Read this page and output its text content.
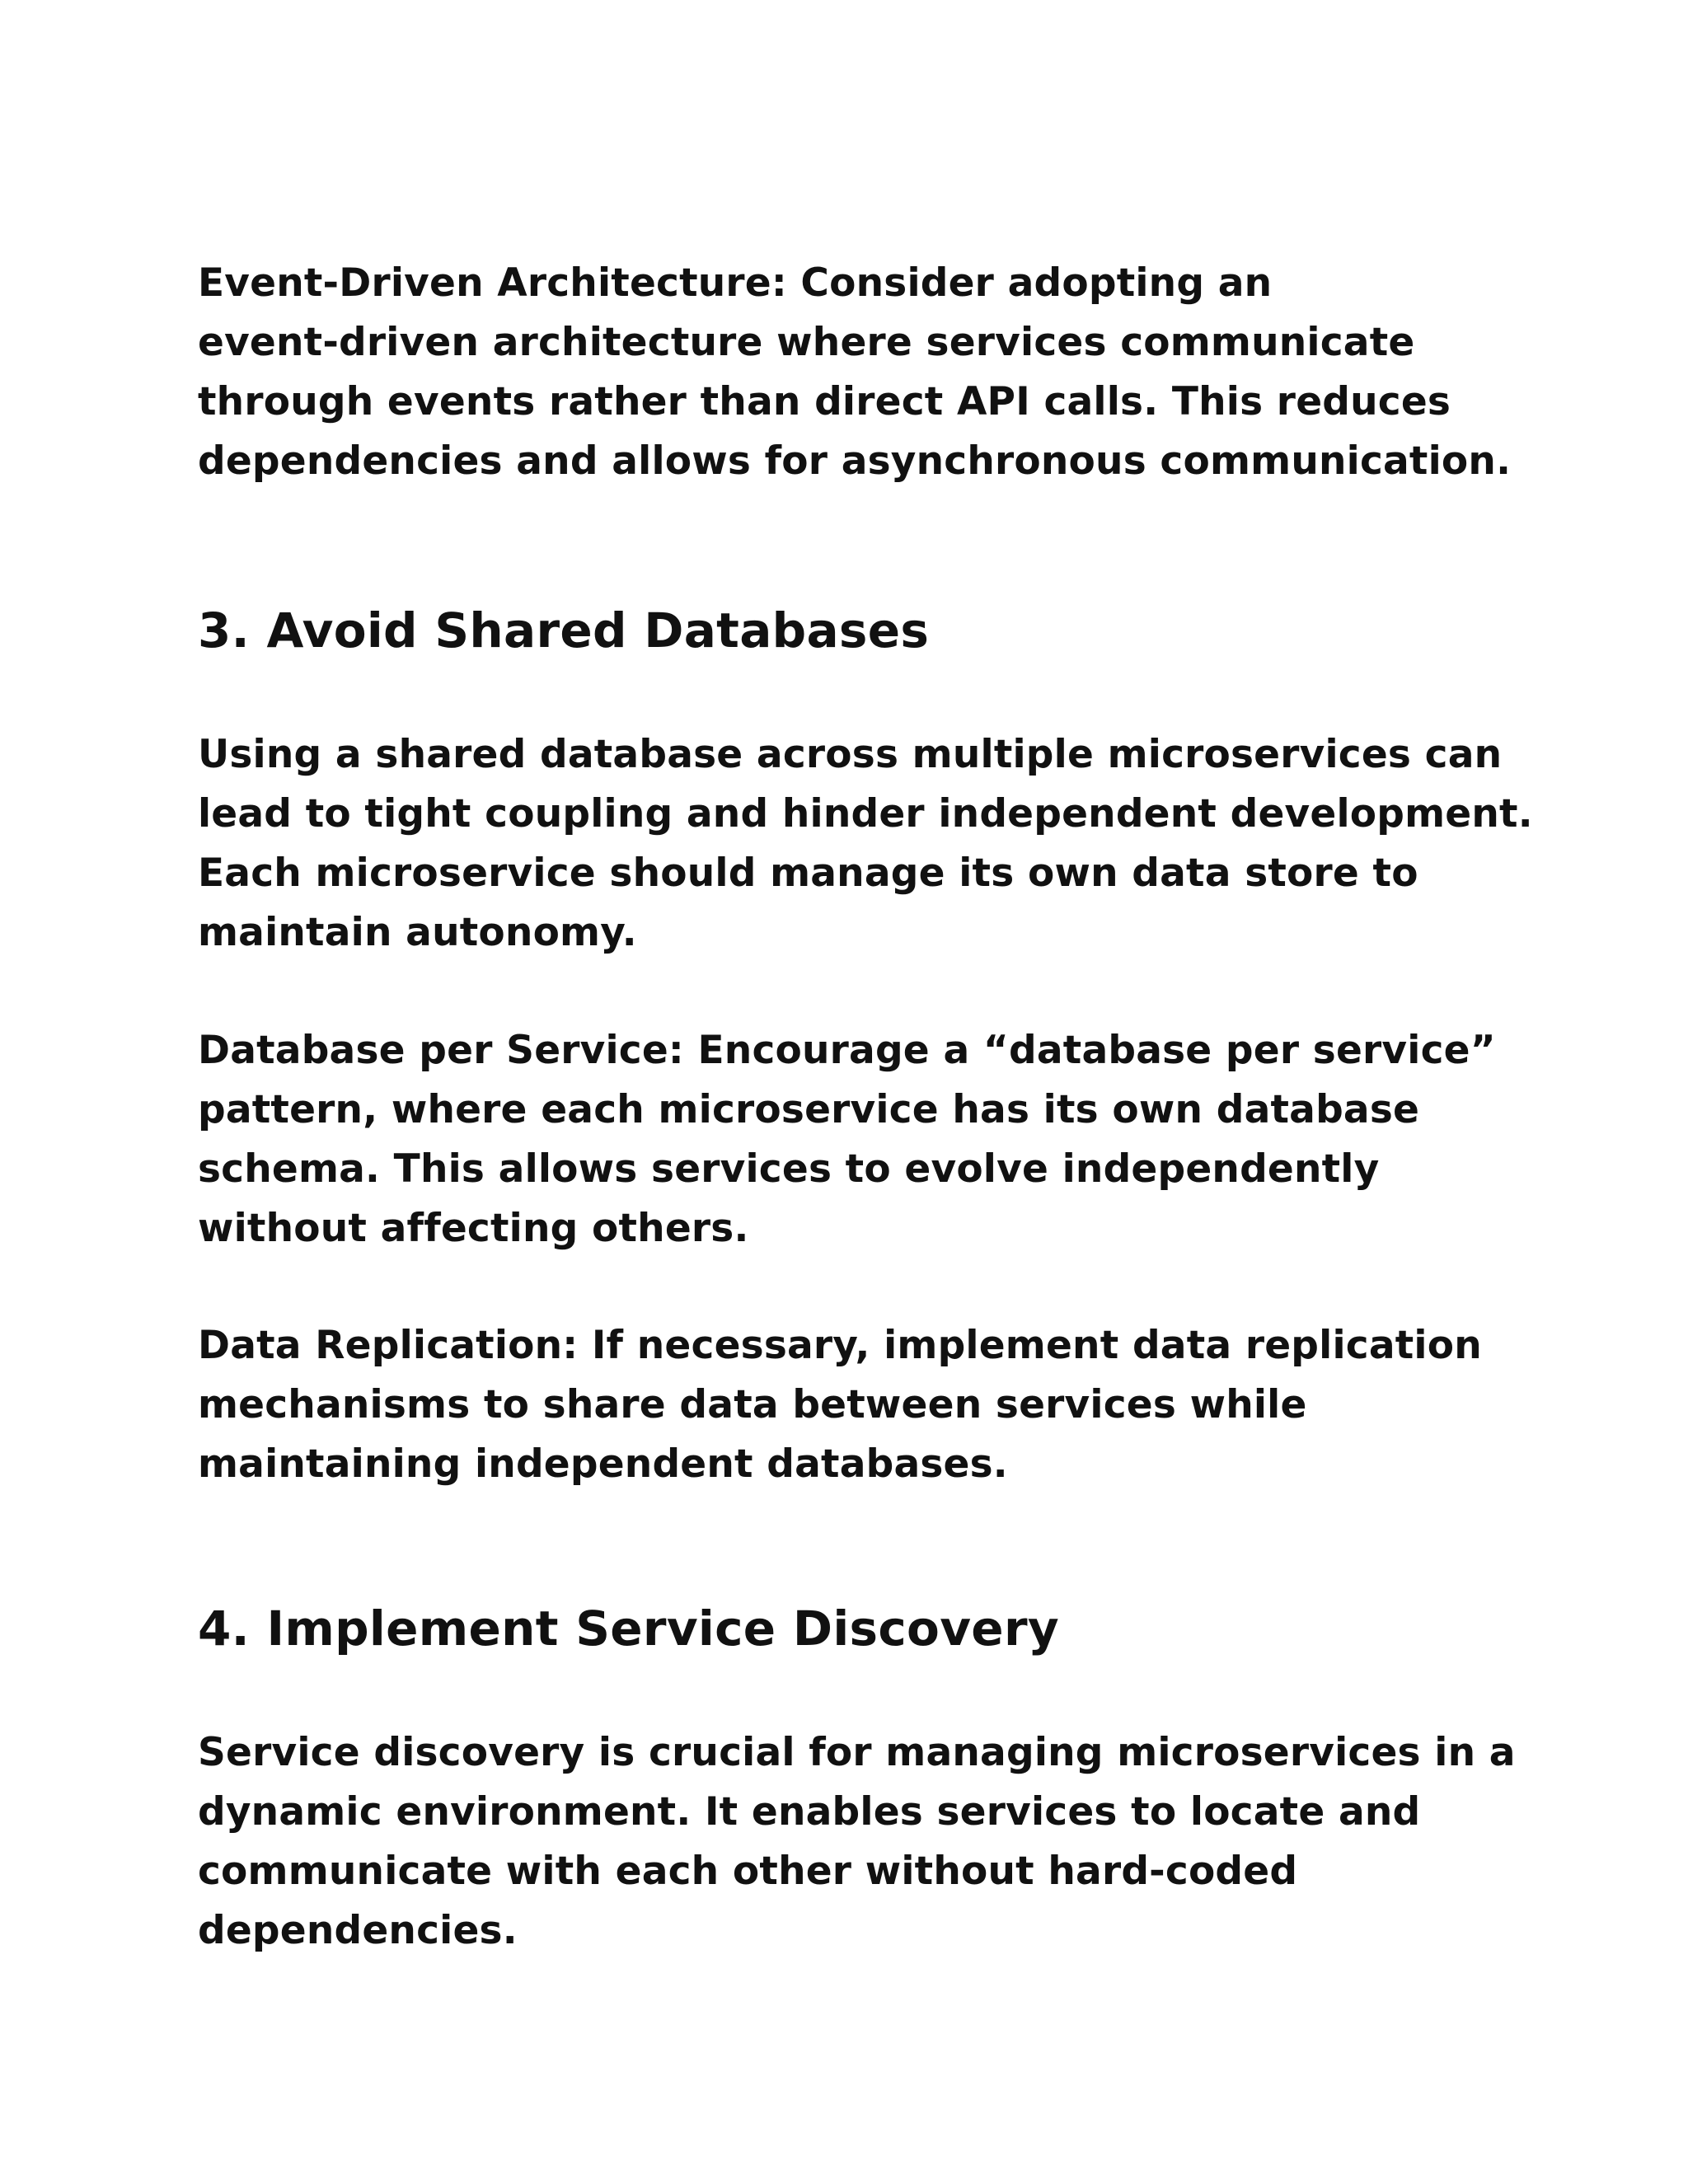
Event-Driven Architecture: Consider adopting an
event-driven architecture where services communicate
through events rather than direct API calls. This reduces
dependencies and allows for asynchronous communication.

3. Avoid Shared Databases

Using a shared database across multiple microservices can
lead to tight coupling and hinder independent development.
Each microservice should manage its own data store to
maintain autonomy.

Database per Service: Encourage a “database per service”
pattern, where each microservice has its own database
schema. This allows services to evolve independently
without affecting others.

Data Replication: If necessary, implement data replication
mechanisms to share data between services while
maintaining independent databases.

4. Implement Service Discovery

Service discovery is crucial for managing microservices in a
dynamic environment. It enables services to locate and
communicate with each other without hard-coded
dependencies.
